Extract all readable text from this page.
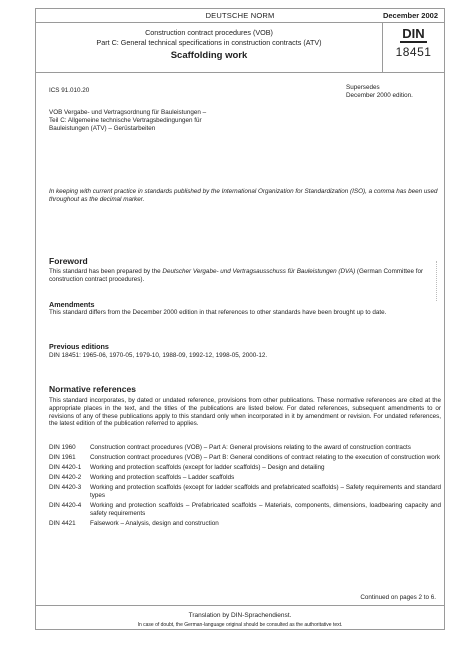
DEUTSCHE NORM	December 2002
Construction contract procedures (VOB)
Part C: General technical specifications in construction contracts (ATV)
Scaffolding work
DIN
18451
ICS 91.010.20	Supersedes
December 2000 edition.
VOB Vergabe- und Vertragsordnung für Bauleistungen –
Teil C: Allgemeine technische Vertragsbedingungen für
Bauleistungen (ATV) – Gerüstarbeiten
In keeping with current practice in standards published by the International Organization for Standardization (ISO), a comma has been used throughout as the decimal marker.
Foreword
This standard has been prepared by the Deutscher Vergabe- und Vertragsausschuss für Bauleistungen (DVA) (German Committee for construction contract procedures).
Amendments
This standard differs from the December 2000 edition in that references to other standards have been brought up to date.
Previous editions
DIN 18451: 1965-06, 1970-05, 1979-10, 1988-09, 1992-12, 1998-05, 2000-12.
Normative references
This standard incorporates, by dated or undated reference, provisions from other publications. These normative references are cited at the appropriate places in the text, and the titles of the publications are listed below. For dated references, subsequent amendments to or revisions of any of these publications apply to this standard only when incorporated in it by amendment or revision. For undated references, the latest edition of the publication referred to applies.
DIN 1960	Construction contract procedures (VOB) – Part A: General provisions relating to the award of construction contracts
DIN 1961	Construction contract procedures (VOB) – Part B: General conditions of contract relating to the execution of construction work
DIN 4420-1	Working and protection scaffolds (except for ladder scaffolds) – Design and detailing
DIN 4420-2	Working and protection scaffolds – Ladder scaffolds
DIN 4420-3	Working and protection scaffolds (except for ladder scaffolds and prefabricated scaffolds) – Safety requirements and standard types
DIN 4420-4	Working and protection scaffolds – Prefabricated scaffolds – Materials, components, dimensions, loadbearing capacity and safety requirements
DIN 4421	Falsework – Analysis, design and construction
Continued on pages 2 to 6.
Translation by DIN-Sprachendienst.
In case of doubt, the German-language original should be consulted as the authoritative text.
